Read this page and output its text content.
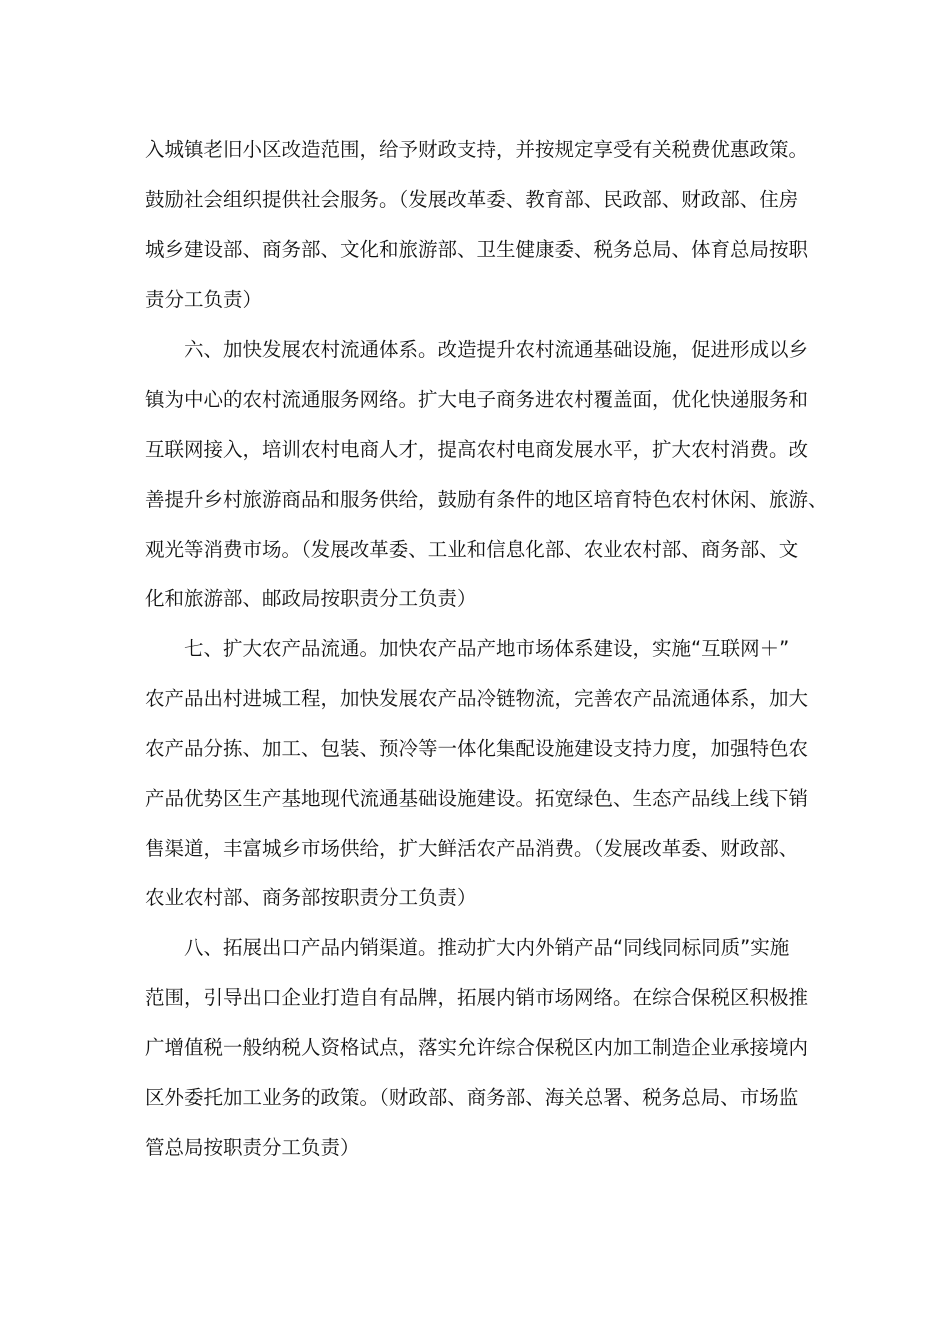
入城镇老旧小区改造范围，给予财政支持，并按规定享受有关税费优惠政策。
鼓励社会组织提供社会服务。（发展改革委、教育部、民政部、财政部、住房
城乡建设部、商务部、文化和旅游部、卫生健康委、税务总局、体育总局按职
责分工负责）
六、加快发展农村流通体系。改造提升农村流通基础设施，促进形成以乡
镇为中心的农村流通服务网络。扩大电子商务进农村覆盖面，优化快递服务和
互联网接入，培训农村电商人才，提高农村电商发展水平，扩大农村消费。改
善提升乡村旅游商品和服务供给，鼓励有条件的地区培育特色农村休闲、旅游、
观光等消费市场。（发展改革委、工业和信息化部、农业农村部、商务部、文
化和旅游部、邮政局按职责分工负责）
七、扩大农产品流通。加快农产品产地市场体系建设，实施“互联网＋”
农产品出村进城工程，加快发展农产品冷链物流，完善农产品流通体系，加大
农产品分拣、加工、包装、预冷等一体化集配设施建设支持力度，加强特色农
产品优势区生产基地现代流通基础设施建设。拓宽绿色、生态产品线上线下销
售渠道，丰富城乡市场供给，扩大鲜活农产品消费。（发展改革委、财政部、
农业农村部、商务部按职责分工负责）
八、拓展出口产品内销渠道。推动扩大内外销产品“同线同标同质”实施
范围，引导出口企业打造自有品牌，拓展内销市场网络。在综合保税区积极推
广增值税一般纳税人资格试点，落实允许综合保税区内加工制造企业承接境内
区外委托加工业务的政策。（财政部、商务部、海关总署、税务总局、市场监
管总局按职责分工负责）
